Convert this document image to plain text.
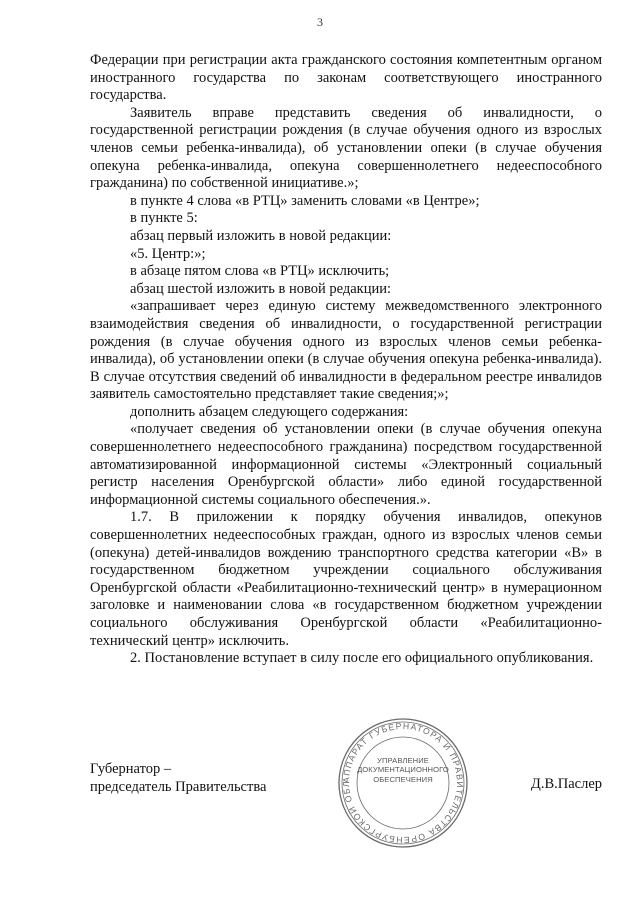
3

Федерации при регистрации акта гражданского состояния компетентным органом иностранного государства по законам соответствующего иностранного государства.

Заявитель вправе представить сведения об инвалидности, о государственной регистрации рождения (в случае обучения одного из взрослых членов семьи ребенка-инвалида), об установлении опеки (в случае обучения опекуна ребенка-инвалида, опекуна совершеннолетнего недееспособного гражданина) по собственной инициативе.»;

в пункте 4 слова «в РТЦ» заменить словами «в Центре»;

в пункте 5:

абзац первый изложить в новой редакции:

«5. Центр:»;

в абзаце пятом слова «в РТЦ» исключить;

абзац шестой изложить в новой редакции:

«запрашивает через единую систему межведомственного электронного взаимодействия сведения об инвалидности, о государственной регистрации рождения (в случае обучения одного из взрослых членов семьи ребенка-инвалида), об установлении опеки (в случае обучения опекуна ребенка-инвалида). В случае отсутствия сведений об инвалидности в федеральном реестре инвалидов заявитель самостоятельно представляет такие сведения;»;

дополнить абзацем следующего содержания:

«получает сведения об установлении опеки (в случае обучения опекуна совершеннолетнего недееспособного гражданина) посредством государственной автоматизированной информационной системы «Электронный социальный регистр населения Оренбургской области» либо единой государственной информационной системы социального обеспечения.».

1.7. В приложении к порядку обучения инвалидов, опекунов совершеннолетних недееспособных граждан, одного из взрослых членов семьи (опекуна) детей-инвалидов вождению транспортного средства категории «В» в государственном бюджетном учреждении социального обслуживания Оренбургской области «Реабилитационно-технический центр» в нумерационном заголовке и наименовании слова «в государственном бюджетном учреждении социального обслуживания Оренбургской области «Реабилитационно-технический центр» исключить.

2. Постановление вступает в силу после его официального опубликования.

Губернатор –
председатель Правительства	АППАРАТ ГУБЕРНАТОРА И ПРАВИТЕЛЬСТВА ОРЕНБУРГСКОЙ ОБЛ
УПРАВЛЕНИЕ
ДОКУМЕНТАЦИОННОГО
ОБЕСПЕЧЕНИЯ	Д.В.Паслер
